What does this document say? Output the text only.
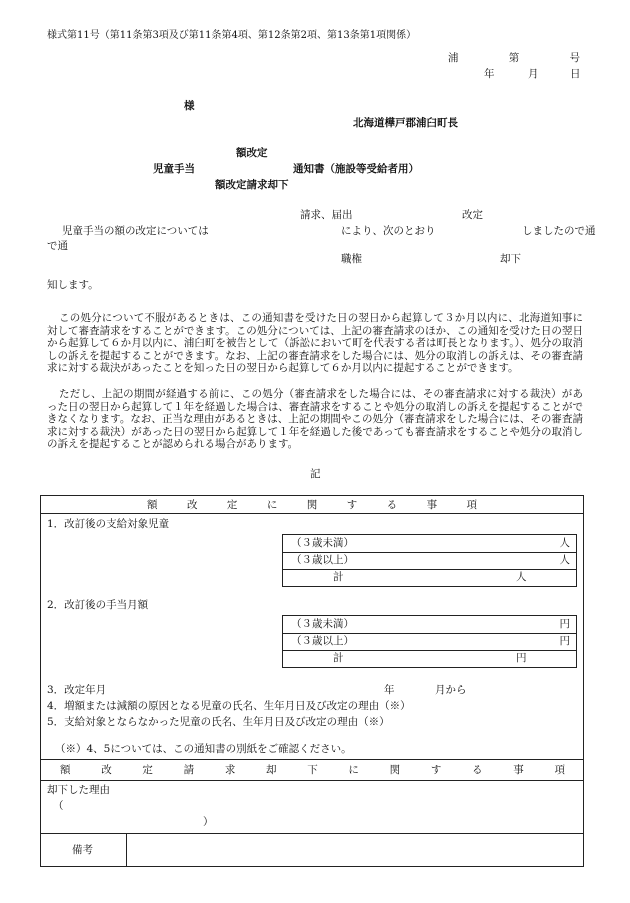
様式第11号（第11条第3項及び第11条第4項、第12条第2項、第13条第1項関係）
浦	第	号
年	月	日
様
北海道樺戸郡浦臼町長
額改定
児童手当	通知書（施設等受給者用）
額改定請求却下
請求、届出	改定
児童手当の額の改定については	により、次のとおり	しましたので通
で通
職権	却下
知します。
この処分について不服があるときは、この通知書を受けた日の翌日から起算して３か月以内に、北海道知事に対して審査請求をすることができます。この処分については、上記の審査請求のほか、この通知を受けた日の翌日から起算して６か月以内に、浦臼町を被告として（訴訟において町を代表する者は町長となります。）、処分の取消しの訴えを提起することができます。なお、上記の審査請求をした場合には、処分の取消しの訴えは、その審査請求に対する裁決があったことを知った日の翌日から起算して６か月以内に提起することができます。
ただし、上記の期間が経過する前に、この処分（審査請求をした場合には、その審査請求に対する裁決）があった日の翌日から起算して１年を経過した場合は、審査請求をすることや処分の取消しの訴えを提起することができなくなります。なお、正当な理由があるときは、上記の期間やこの処分（審査請求をした場合には、その審査請求に対する裁決）があった日の翌日から起算して１年を経過した後であっても審査請求をすることや処分の取消しの訴えを提起することが認められる場合があります。
記
額	改	定	に	関	す	る	事	項
1．改訂後の支給対象児童
（３歳未満）	人
（３歳以上）	人
計	人
2．改訂後の手当月額
（３歳未満）	円
（３歳以上）	円
計	円
3．改定年月	年	月から
4．増額または減額の原因となる児童の氏名、生年月日及び改定の理由（※）
5．支給対象とならなかった児童の氏名、生年月日及び改定の理由（※）
（※）4、5については、この通知書の別紙をご確認ください。
額	改	定	請	求	却	下	に	関	す	る	事	項
却下した理由
（
）
備考
